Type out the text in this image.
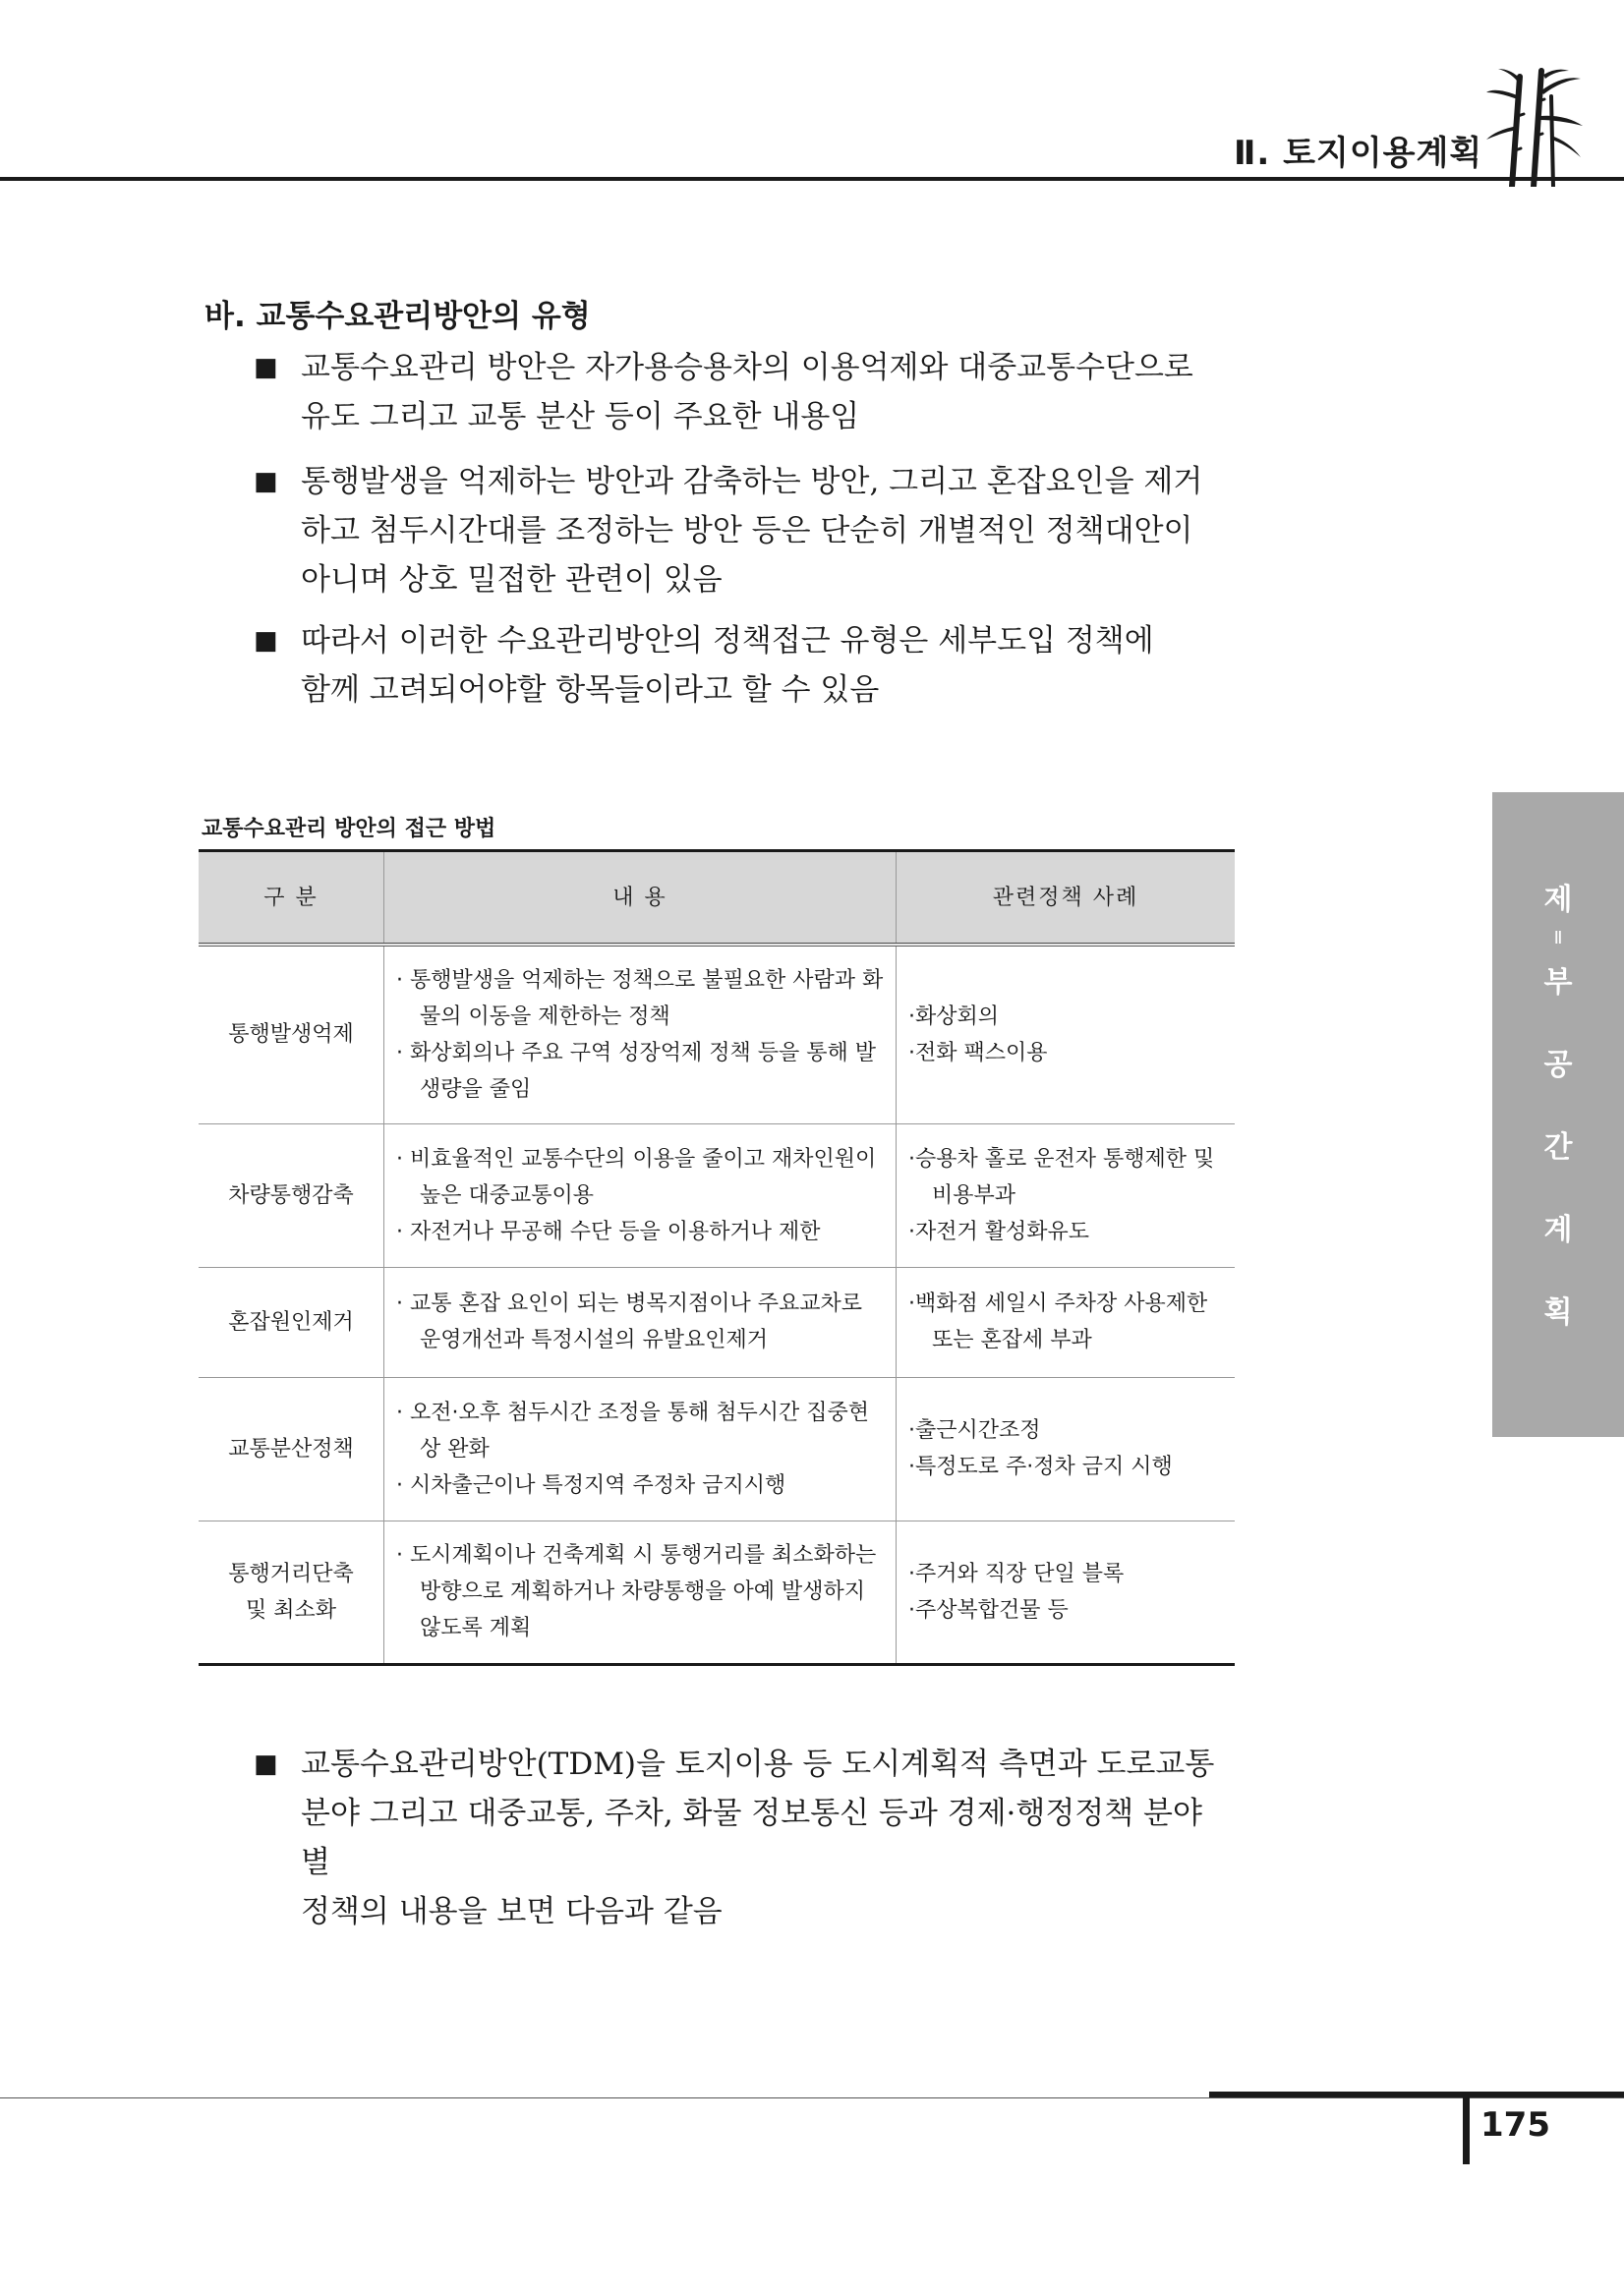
Ⅱ. 토지이용계획
바. 교통수요관리방안의 유형
■ 교통수요관리 방안은 자가용승용차의 이용억제와 대중교통수단으로
유도 그리고 교통 분산 등이 주요한 내용임
■ 통행발생을 억제하는 방안과 감축하는 방안, 그리고 혼잡요인을 제거
하고 첨두시간대를 조정하는 방안 등은 단순히 개별적인 정책대안이
아니며 상호 밀접한 관련이 있음
■ 따라서 이러한 수요관리방안의 정책접근 유형은 세부도입 정책에
함께 고려되어야할 항목들이라고 할 수 있음
교통수요관리 방안의 접근 방법
구 분	내 용	관련정책 사례
통행발생억제	· 통행발생을 억제하는 정책으로 불필요한 사람과 화물의 이동을 제한하는 정책
· 화상회의나 주요 구역 성장억제 정책 등을 통해 발생량을 줄임	·화상회의
·전화 팩스이용

차량통행감축	· 비효율적인 교통수단의 이용을 줄이고 재차인원이 높은 대중교통이용
· 자전거나 무공해 수단 등을 이용하거나 제한	·승용차 홀로 운전자 통행제한 및 비용부과
·자전거 활성화유도

혼잡원인제거	· 교통 혼잡 요인이 되는 병목지점이나 주요교차로 운영개선과 특정시설의 유발요인제거	·백화점 세일시 주차장 사용제한 또는 혼잡세 부과

교통분산정책	· 오전·오후 첨두시간 조정을 통해 첨두시간 집중현상 완화
· 시차출근이나 특정지역 주정차 금지시행	·출근시간조정
·특정도로 주·정차 금지 시행

통행거리단축
및 최소화	· 도시계획이나 건축계획 시 통행거리를 최소화하는 방향으로 계획하거나 차량통행을 아예 발생하지 않도록 계획	·주거와 직장 단일 블록
·주상복합건물 등
■ 교통수요관리방안(TDM)을 토지이용 등 도시계획적 측면과 도로교통
분야 그리고 대중교통, 주차, 화물 정보통신 등과 경제·행정정책 분야별
정책의 내용을 보면 다음과 같음
제
Ⅱ
부
공
간
계
획
175
